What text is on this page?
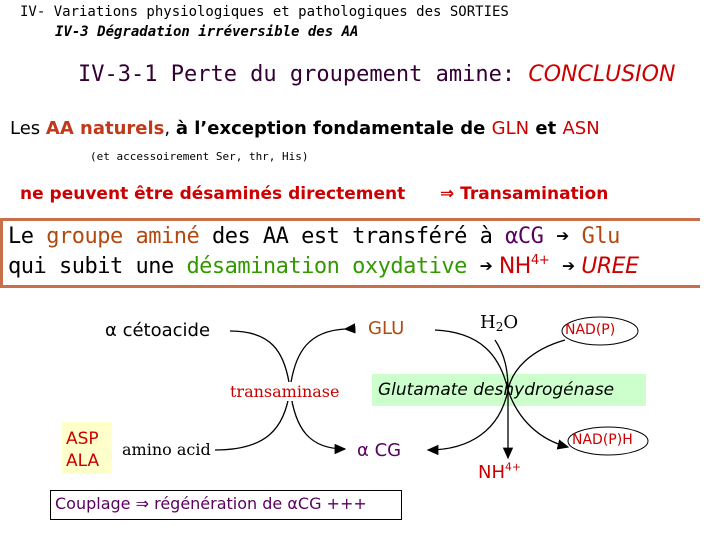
IV- Variations physiologiques et pathologiques des SORTIES
IV-3 Dégradation irréversible des AA
IV-3-1 Perte du groupement amine: CONCLUSION
Les AA naturels, à l’exception fondamentale de GLN et ASN
(et accessoirement Ser, thr, His)
ne peuvent être désaminés directement ⇒ Transamination
Le groupe aminé des AA est transféré à αCG ➔ Glu
qui subit une désamination oxydative ➔ $NH^{4+}$ ➔ UREE
α cétoacide	GLU	H2O	NAD(P)
transaminase Glutamate deshydrogénase
ASP
ALA
amino acid	α CG	NAD(P)H
$NH^{4+}$
Couplage ⇒ régénération de αCG +++
